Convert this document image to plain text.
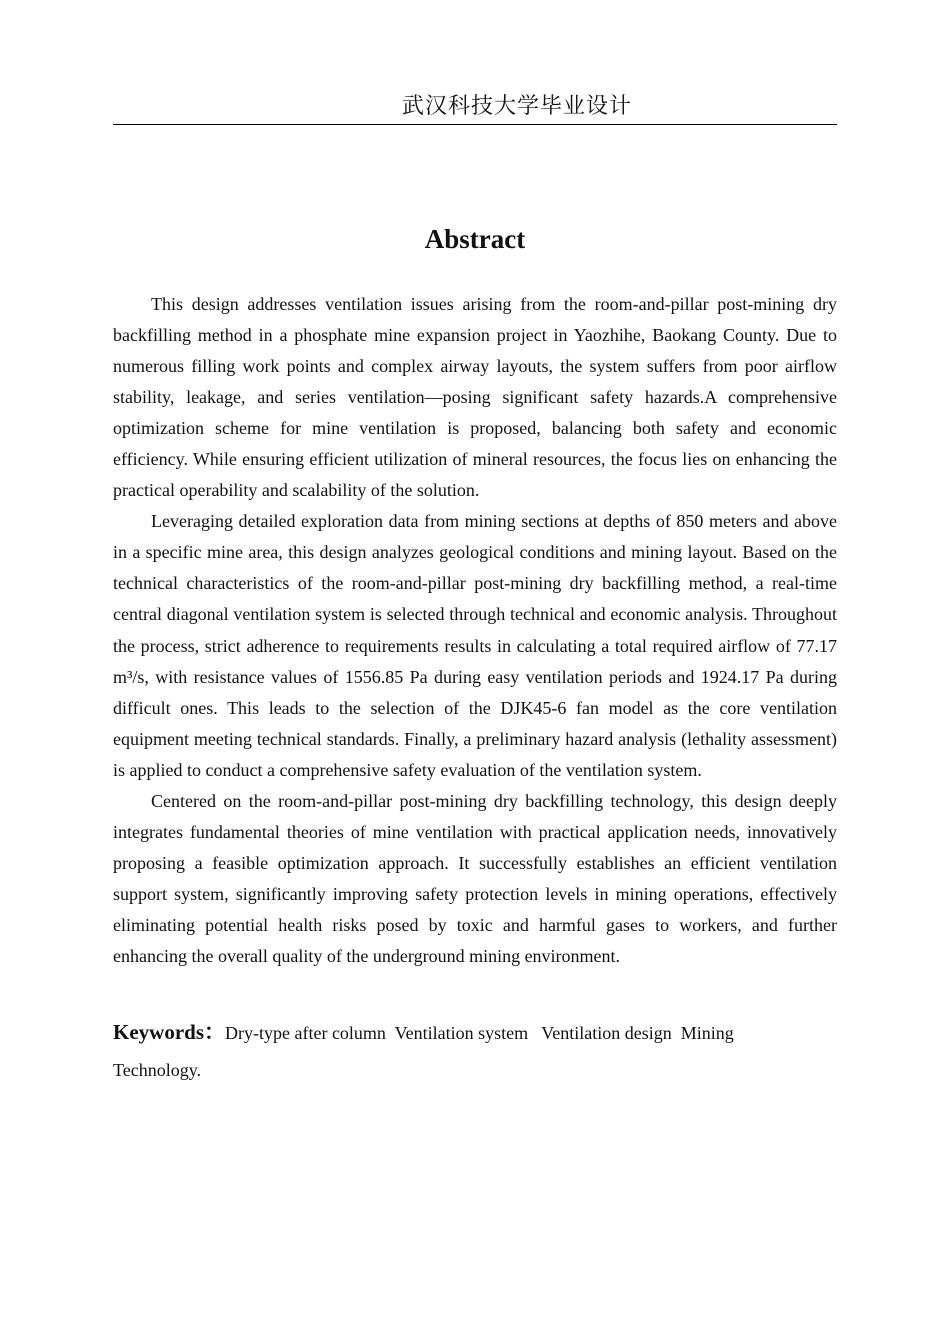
武汉科技大学毕业设计
Abstract

This design addresses ventilation issues arising from the room-and-pillar post-mining dry backfilling method in a phosphate mine expansion project in Yaozhihe, Baokang County. Due to numerous filling work points and complex airway layouts, the system suffers from poor airflow stability, leakage, and series ventilation—posing significant safety hazards.A comprehensive optimization scheme for mine ventilation is proposed, balancing both safety and economic efficiency. While ensuring efficient utilization of mineral resources, the focus lies on enhancing the practical operability and scalability of the solution.

Leveraging detailed exploration data from mining sections at depths of 850 meters and above in a specific mine area, this design analyzes geological conditions and mining layout. Based on the technical characteristics of the room-and-pillar post-mining dry backfilling method, a real-time central diagonal ventilation system is selected through technical and economic analysis. Throughout the process, strict adherence to requirements results in calculating a total required airflow of 77.17 m³/s, with resistance values of 1556.85 Pa during easy ventilation periods and 1924.17 Pa during difficult ones. This leads to the selection of the DJK45-6 fan model as the core ventilation equipment meeting technical standards. Finally, a preliminary hazard analysis (lethality assessment) is applied to conduct a comprehensive safety evaluation of the ventilation system.

Centered on the room-and-pillar post-mining dry backfilling technology, this design deeply integrates fundamental theories of mine ventilation with practical application needs, innovatively proposing a feasible optimization approach. It successfully establishes an efficient ventilation support system, significantly improving safety protection levels in mining operations, effectively eliminating potential health risks posed by toxic and harmful gases to workers, and further enhancing the overall quality of the underground mining environment.

Keywords：Dry-type after column  Ventilation system   Ventilation design  Mining Technology.
